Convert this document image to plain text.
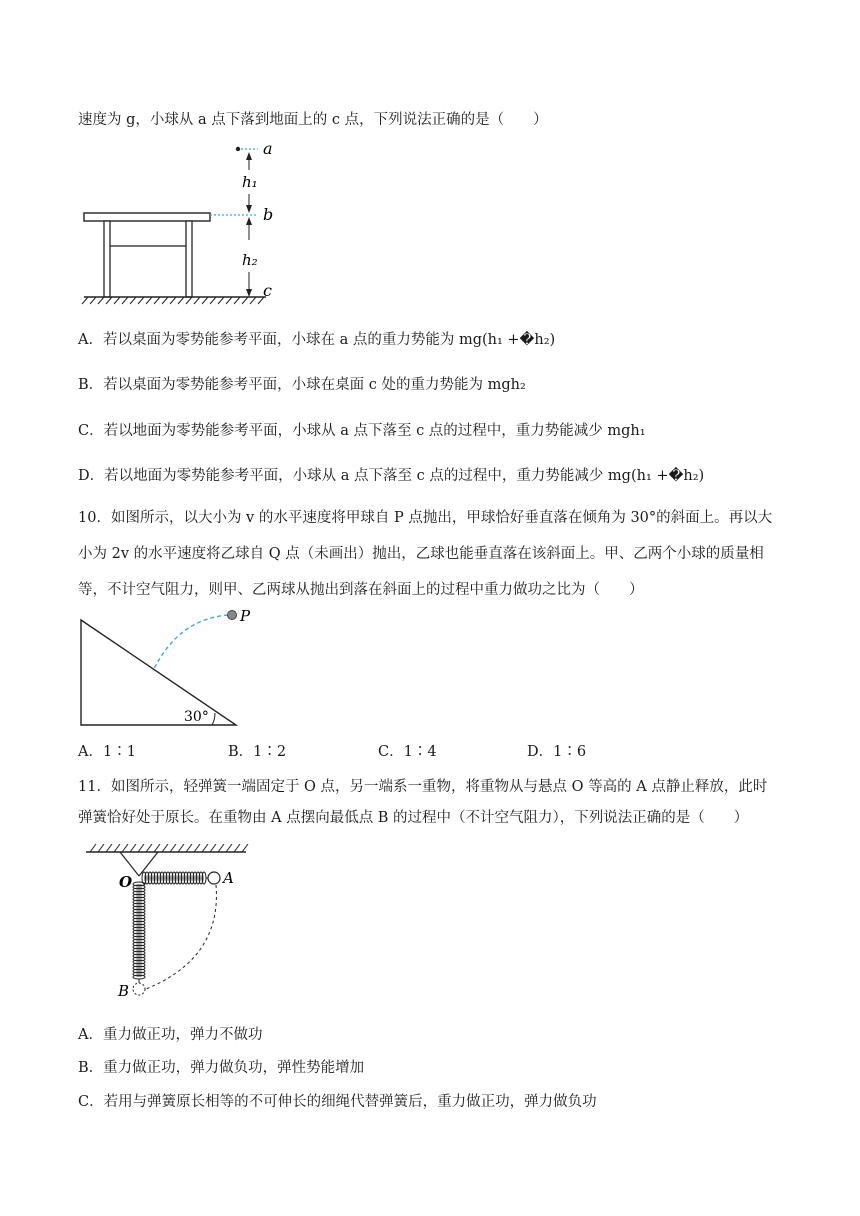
速度为 g，小球从 a 点下落到地面上的 c 点，下列说法正确的是（　　）
h₁
h₂
a
b
c
A．若以桌面为零势能参考平面，小球在 a 点的重力势能为 mg(h₁ +�h₂)
B．若以桌面为零势能参考平面，小球在桌面 c 处的重力势能为 mgh₂
C．若以地面为零势能参考平面，小球从 a 点下落至 c 点的过程中，重力势能减少 mgh₁
D．若以地面为零势能参考平面，小球从 a 点下落至 c 点的过程中，重力势能减少 mg(h₁ +�h₂)
10．如图所示，以大小为 v 的水平速度将甲球自 P 点抛出，甲球恰好垂直落在倾角为 30°的斜面上。再以大
小为 2v 的水平速度将乙球自 Q 点（未画出）抛出，乙球也能垂直落在该斜面上。甲、乙两个小球的质量相
等，不计空气阻力，则甲、乙两球从抛出到落在斜面上的过程中重力做功之比为（　　）
P
30°
A．1∶1	B．1∶2	C．1∶4	D．1∶6
11．如图所示，轻弹簧一端固定于 O 点，另一端系一重物，将重物从与悬点 O 等高的 A 点静止释放，此时
弹簧恰好处于原长。在重物由 A 点摆向最低点 B 的过程中（不计空气阻力），下列说法正确的是（　　）
O	A
B
A．重力做正功，弹力不做功
B．重力做正功，弹力做负功，弹性势能增加
C．若用与弹簧原长相等的不可伸长的细绳代替弹簧后，重力做正功，弹力做负功
